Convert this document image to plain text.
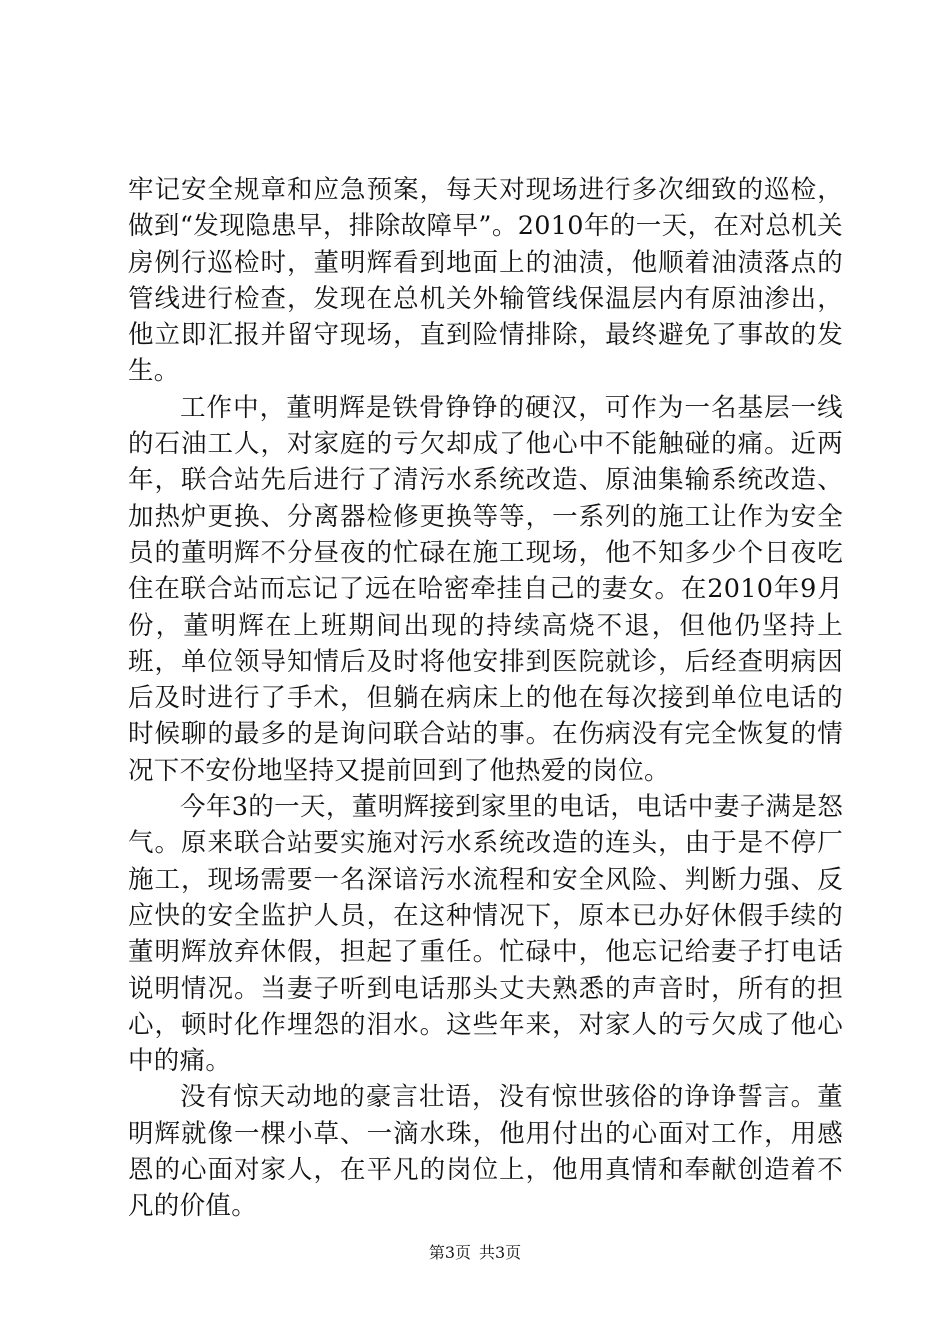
牢记安全规章和应急预案，每天对现场进行多次细致的巡检，做到“发现隐患早，排除故障早”。2010年的一天，在对总机关房例行巡检时，董明辉看到地面上的油渍，他顺着油渍落点的管线进行检查，发现在总机关外输管线保温层内有原油渗出，他立即汇报并留守现场，直到险情排除，最终避免了事故的发生。

工作中，董明辉是铁骨铮铮的硬汉，可作为一名基层一线的石油工人，对家庭的亏欠却成了他心中不能触碰的痛。近两年，联合站先后进行了清污水系统改造、原油集输系统改造、加热炉更换、分离器检修更换等等，一系列的施工让作为安全员的董明辉不分昼夜的忙碌在施工现场，他不知多少个日夜吃住在联合站而忘记了远在哈密牵挂自己的妻女。在2010年9月份，董明辉在上班期间出现的持续高烧不退，但他仍坚持上班，单位领导知情后及时将他安排到医院就诊，后经查明病因后及时进行了手术，但躺在病床上的他在每次接到单位电话的时候聊的最多的是询问联合站的事。在伤病没有完全恢复的情况下不安份地坚持又提前回到了他热爱的岗位。

今年3的一天，董明辉接到家里的电话，电话中妻子满是怒气。原来联合站要实施对污水系统改造的连头，由于是不停厂施工，现场需要一名深谙污水流程和安全风险、判断力强、反应快的安全监护人员，在这种情况下，原本已办好休假手续的董明辉放弃休假，担起了重任。忙碌中，他忘记给妻子打电话说明情况。当妻子听到电话那头丈夫熟悉的声音时，所有的担心，顿时化作埋怨的泪水。这些年来，对家人的亏欠成了他心中的痛。

没有惊天动地的豪言壮语，没有惊世骇俗的诤诤誓言。董明辉就像一棵小草、一滴水珠，他用付出的心面对工作，用感恩的心面对家人，在平凡的岗位上，他用真情和奉献创造着不凡的价值。

第3页 共3页
